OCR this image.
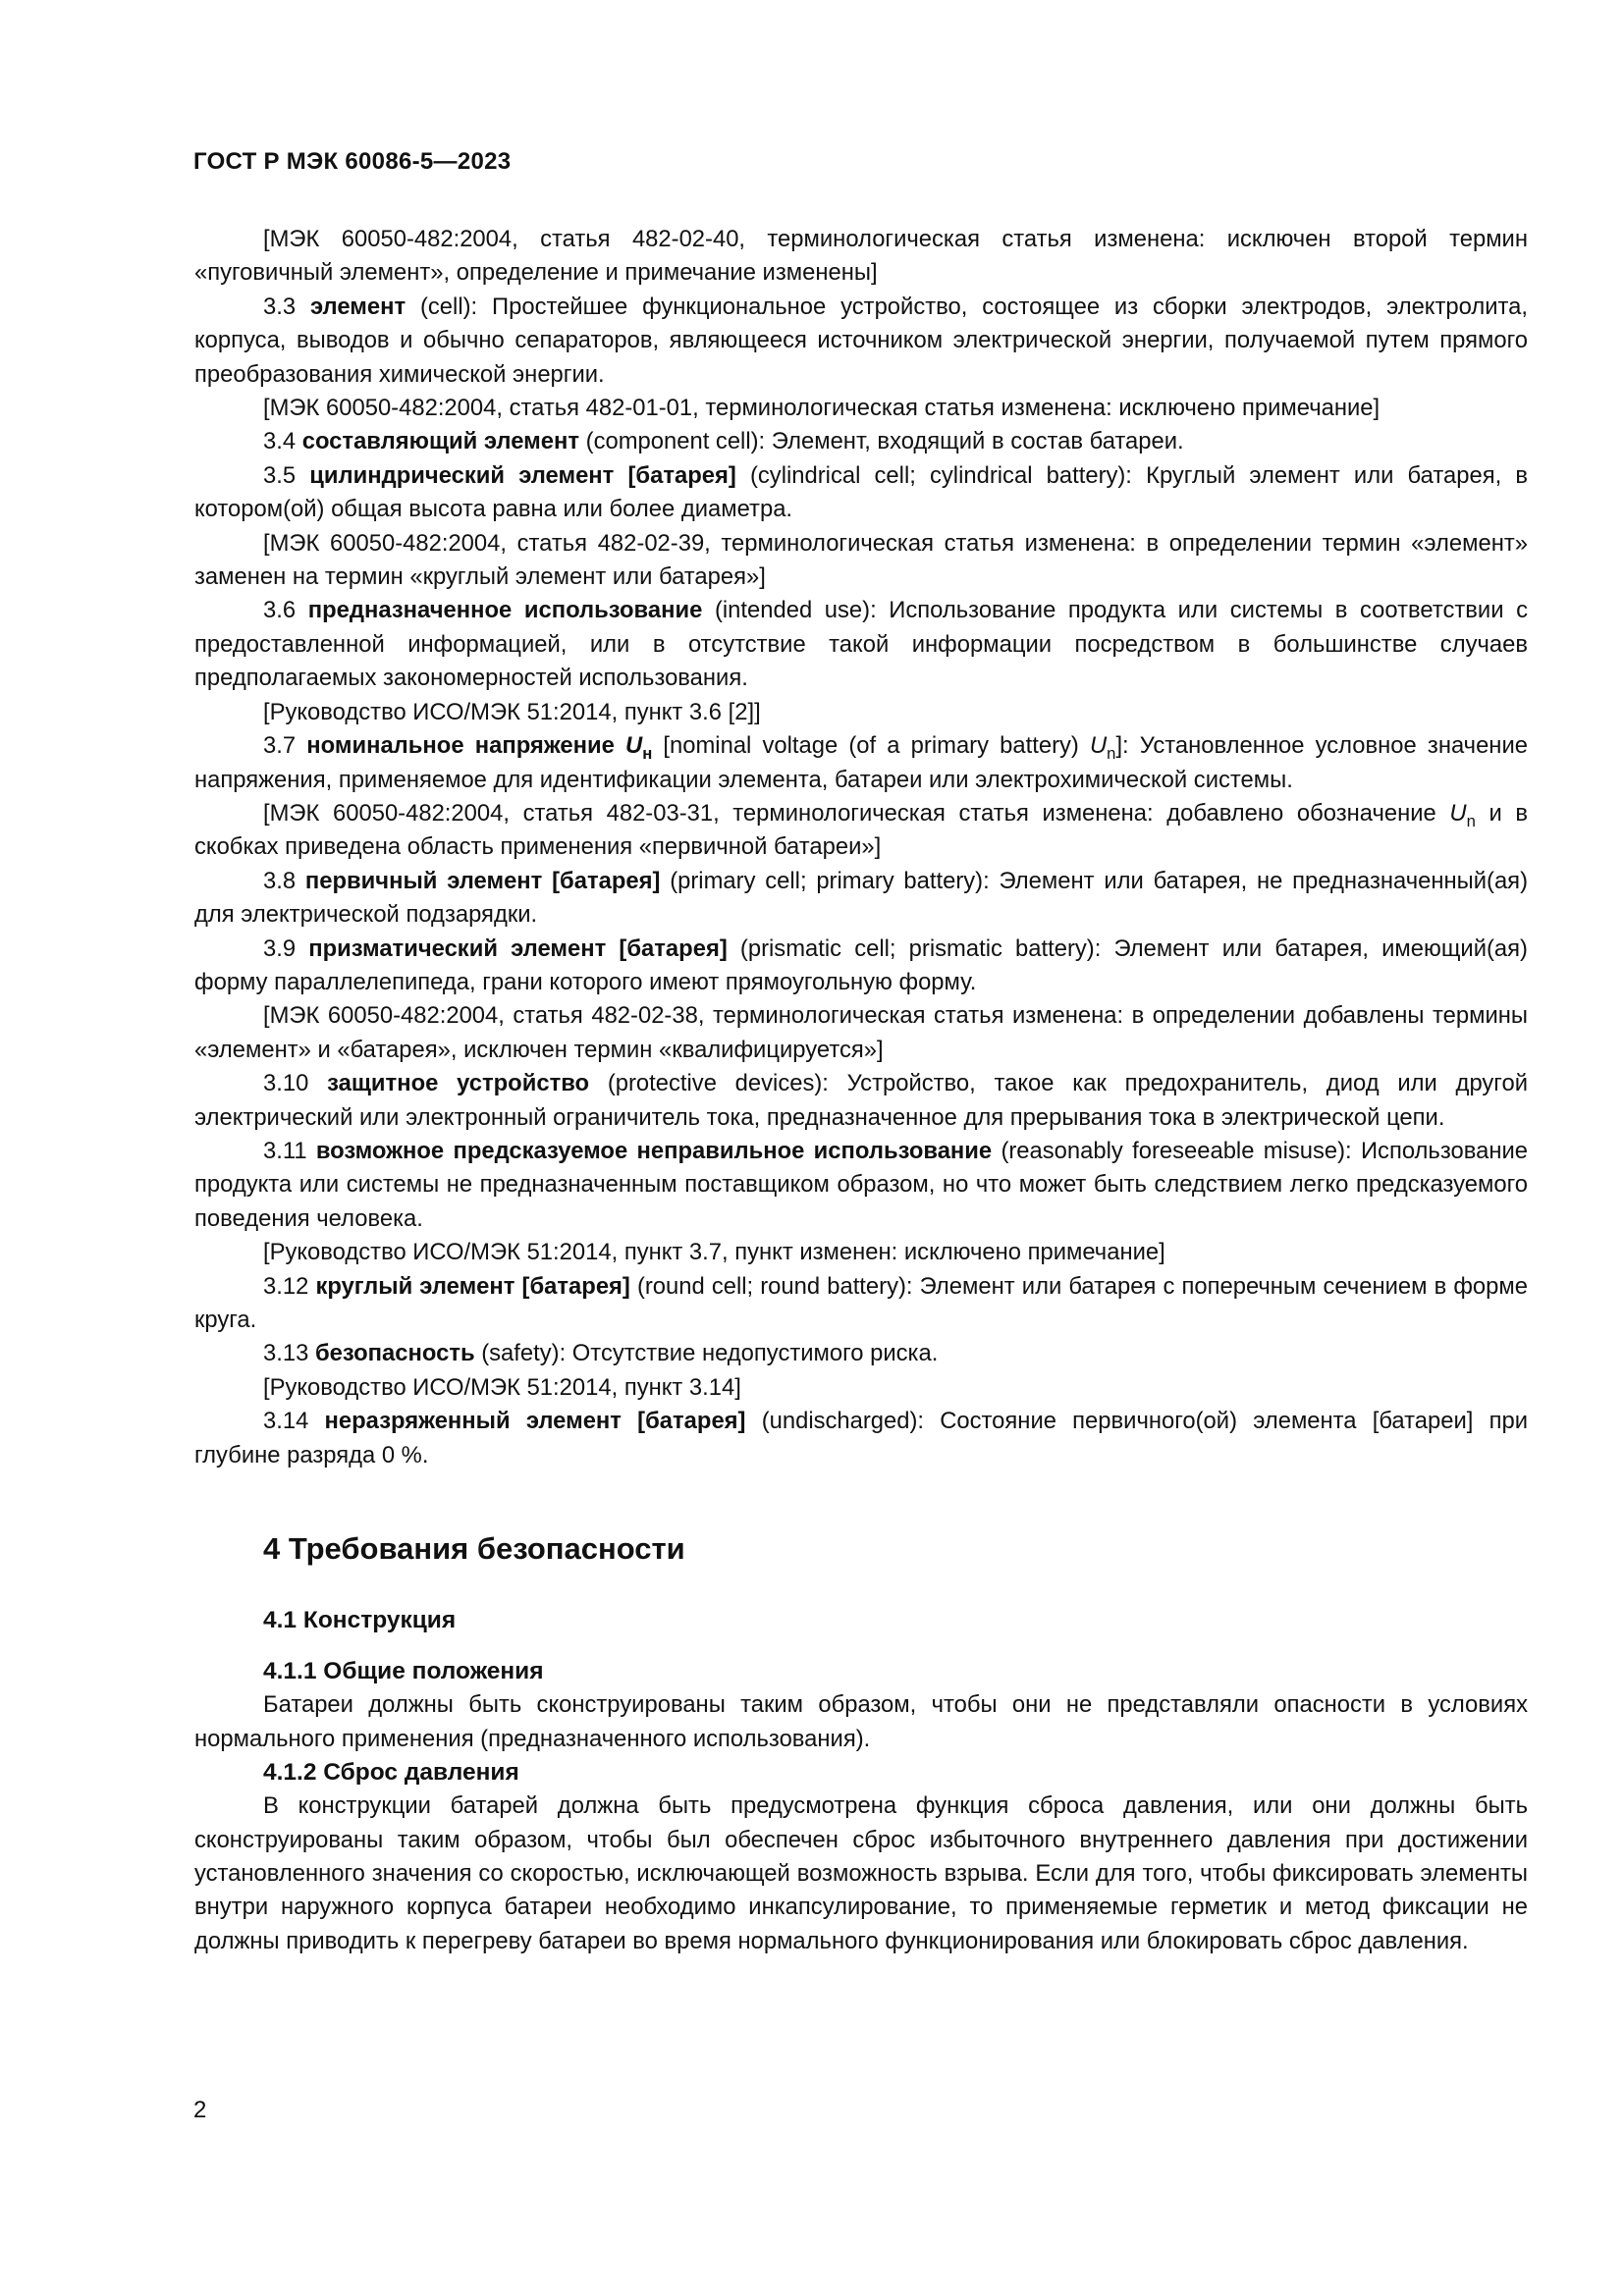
ГОСТ Р МЭК 60086-5—2023

[МЭК 60050-482:2004, статья 482-02-40, терминологическая статья изменена: исключен второй термин «пуговичный элемент», определение и примечание изменены]

3.3 элемент (cell): Простейшее функциональное устройство, состоящее из сборки электродов, электролита, корпуса, выводов и обычно сепараторов, являющееся источником электрической энергии, получаемой путем прямого преобразования химической энергии.

[МЭК 60050-482:2004, статья 482-01-01, терминологическая статья изменена: исключено примечание]

3.4 составляющий элемент (component cell): Элемент, входящий в состав батареи.

3.5 цилиндрический элемент [батарея] (cylindrical cell; cylindrical battery): Круглый элемент или батарея, в котором(ой) общая высота равна или более диаметра.

[МЭК 60050-482:2004, статья 482-02-39, терминологическая статья изменена: в определении термин «элемент» заменен на термин «круглый элемент или батарея»]

3.6 предназначенное использование (intended use): Использование продукта или системы в соответствии с предоставленной информацией, или в отсутствие такой информации посредством в большинстве случаев предполагаемых закономерностей использования.

[Руководство ИСО/МЭК 51:2014, пункт 3.6 [2]]

3.7 номинальное напряжение $U_н$ [nominal voltage (of a primary battery) $U_n$]: Установленное условное значение напряжения, применяемое для идентификации элемента, батареи или электрохимической системы.

[МЭК 60050-482:2004, статья 482-03-31, терминологическая статья изменена: добавлено обозначение $U_n$ и в скобках приведена область применения «первичной батареи»]

3.8 первичный элемент [батарея] (primary cell; primary battery): Элемент или батарея, не предназначенный(ая) для электрической подзарядки.

3.9 призматический элемент [батарея] (prismatic cell; prismatic battery): Элемент или батарея, имеющий(ая) форму параллелепипеда, грани которого имеют прямоугольную форму.

[МЭК 60050-482:2004, статья 482-02-38, терминологическая статья изменена: в определении добавлены термины «элемент» и «батарея», исключен термин «квалифицируется»]

3.10 защитное устройство (protective devices): Устройство, такое как предохранитель, диод или другой электрический или электронный ограничитель тока, предназначенное для прерывания тока в электрической цепи.

3.11 возможное предсказуемое неправильное использование (reasonably foreseeable misuse): Использование продукта или системы не предназначенным поставщиком образом, но что может быть следствием легко предсказуемого поведения человека.

[Руководство ИСО/МЭК 51:2014, пункт 3.7, пункт изменен: исключено примечание]

3.12 круглый элемент [батарея] (round cell; round battery): Элемент или батарея с поперечным сечением в форме круга.

3.13 безопасность (safety): Отсутствие недопустимого риска.

[Руководство ИСО/МЭК 51:2014, пункт 3.14]

3.14 неразряженный элемент [батарея] (undischarged): Состояние первичного(ой) элемента [батареи] при глубине разряда 0 %.

4 Требования безопасности
4.1 Конструкция
4.1.1 Общие положения

Батареи должны быть сконструированы таким образом, чтобы они не представляли опасности в условиях нормального применения (предназначенного использования).

4.1.2 Сброс давления

В конструкции батарей должна быть предусмотрена функция сброса давления, или они должны быть сконструированы таким образом, чтобы был обеспечен сброс избыточного внутреннего давления при достижении установленного значения со скоростью, исключающей возможность взрыва. Если для того, чтобы фиксировать элементы внутри наружного корпуса батареи необходимо инкапсулирование, то применяемые герметик и метод фиксации не должны приводить к перегреву батареи во время нормального функционирования или блокировать сброс давления.

2
